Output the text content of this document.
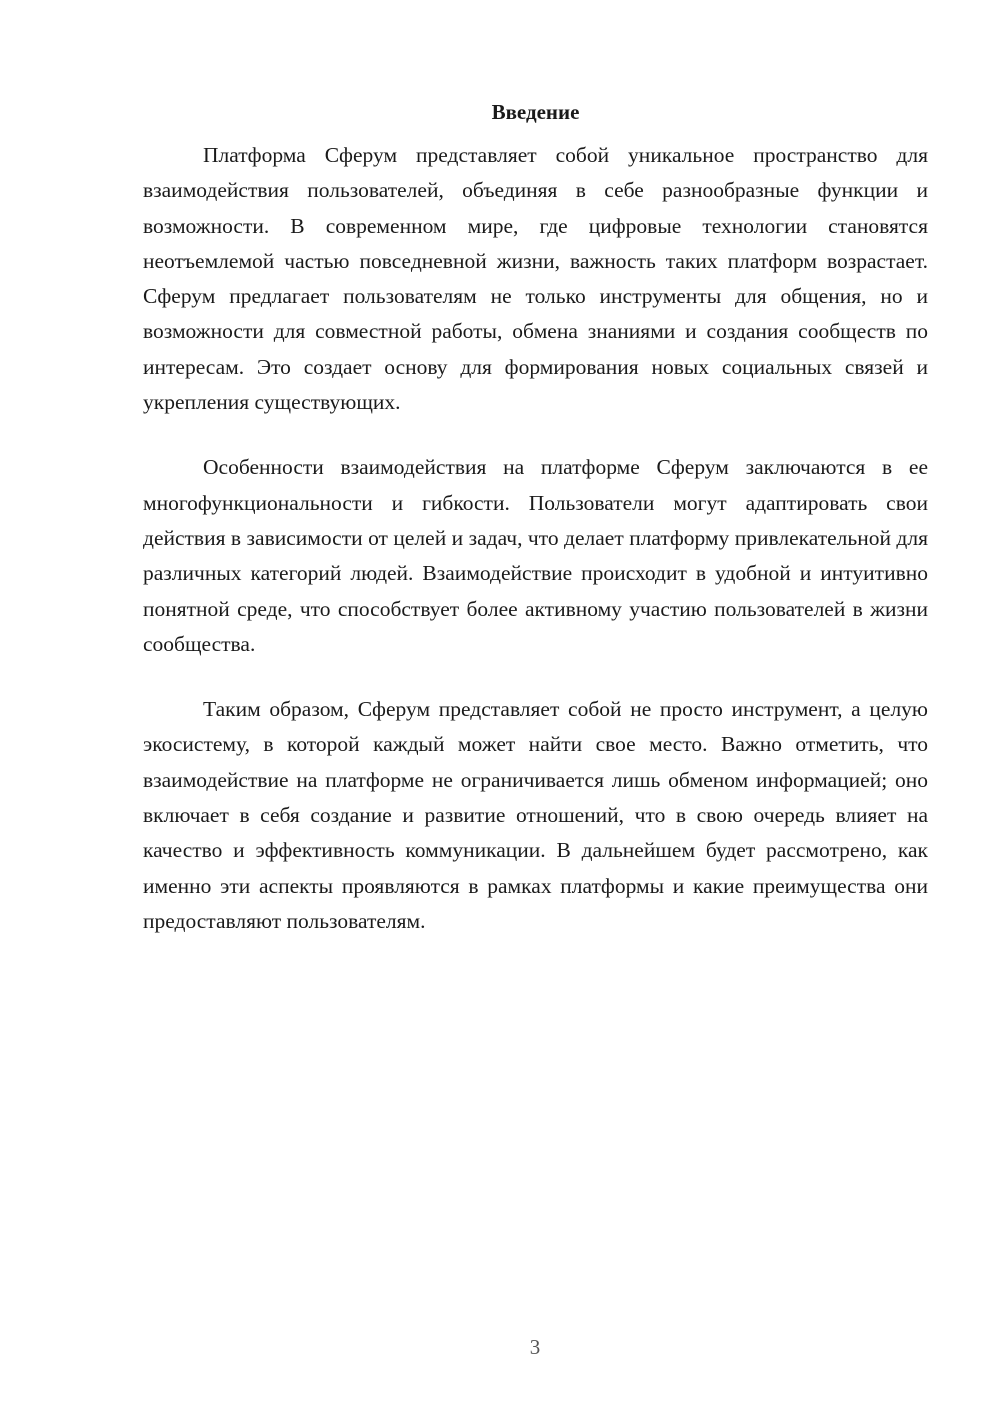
Введение

Платформа Сферум представляет собой уникальное пространство для взаимодействия пользователей, объединяя в себе разнообразные функции и возможности. В современном мире, где цифровые технологии становятся неотъемлемой частью повседневной жизни, важность таких платформ возрастает. Сферум предлагает пользователям не только инструменты для общения, но и возможности для совместной работы, обмена знаниями и создания сообществ по интересам. Это создает основу для формирования новых социальных связей и укрепления существующих.

Особенности взаимодействия на платформе Сферум заключаются в ее многофункциональности и гибкости. Пользователи могут адаптировать свои действия в зависимости от целей и задач, что делает платформу привлекательной для различных категорий людей. Взаимодействие происходит в удобной и интуитивно понятной среде, что способствует более активному участию пользователей в жизни сообщества.

Таким образом, Сферум представляет собой не просто инструмент, а целую экосистему, в которой каждый может найти свое место. Важно отметить, что взаимодействие на платформе не ограничивается лишь обменом информацией; оно включает в себя создание и развитие отношений, что в свою очередь влияет на качество и эффективность коммуникации. В дальнейшем будет рассмотрено, как именно эти аспекты проявляются в рамках платформы и какие преимущества они предоставляют пользователям.

3
